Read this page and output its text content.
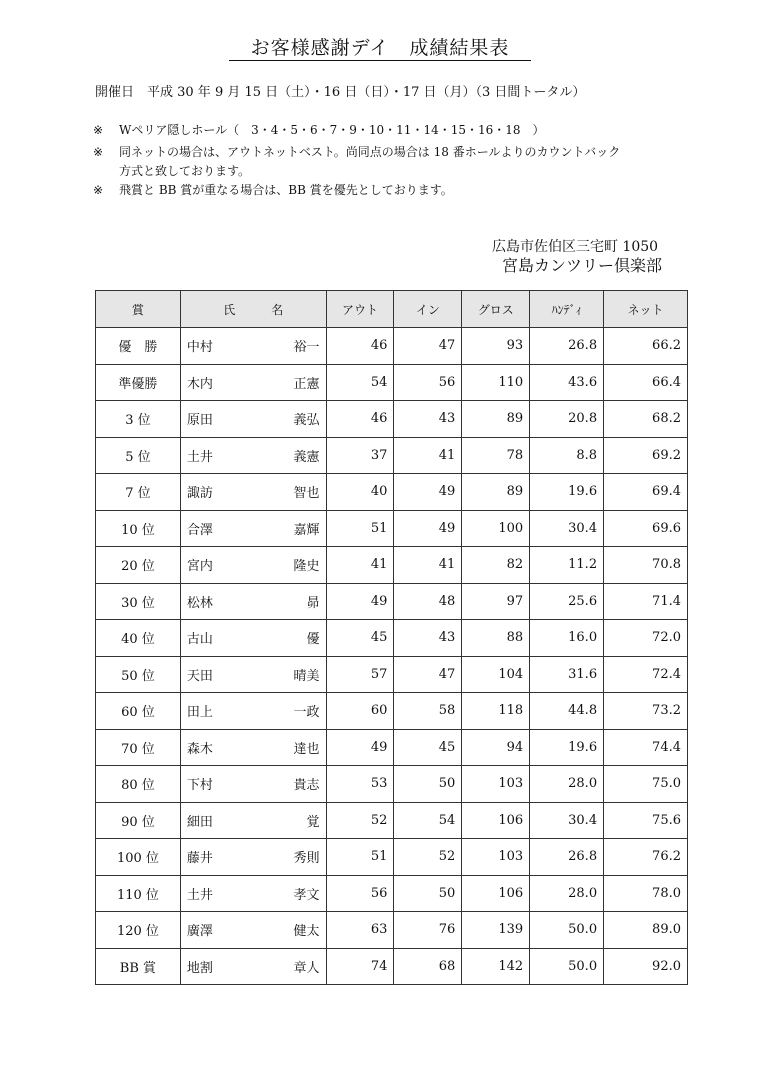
お客様感謝デイ　成績結果表
開催日　平成 30 年 9 月 15 日（土）・16 日（日）・17 日（月）（3 日間トータル）
※ Wペリア隠しホール（　3・4・5・6・7・9・10・11・14・15・16・18　）
※ 同ネットの場合は、アウトネットベスト。尚同点の場合は 18 番ホールよりのカウントバック
方式と致しております。
※ 飛賞と BB 賞が重なる場合は、BB 賞を優先としております。
広島市佐伯区三宅町 1050
宮島カンツリー倶楽部
賞	氏　　　名	アウト	イン	グロス	ﾊﾝﾃﾞｨ	ネット
優　勝	中村 裕一	46	47	93	26.8	66.2
準優勝	木内 正憲	54	56	110	43.6	66.4
3 位	原田 義弘	46	43	89	20.8	68.2
5 位	土井 義憲	37	41	78	8.8	69.2
7 位	諏訪 智也	40	49	89	19.6	69.4
10 位	合澤 嘉輝	51	49	100	30.4	69.6
20 位	宮内 隆史	41	41	82	11.2	70.8
30 位	松林 昴	49	48	97	25.6	71.4
40 位	古山 優	45	43	88	16.0	72.0
50 位	天田 晴美	57	47	104	31.6	72.4
60 位	田上 一政	60	58	118	44.8	73.2
70 位	森木 達也	49	45	94	19.6	74.4
80 位	下村 貴志	53	50	103	28.0	75.0
90 位	細田 覚	52	54	106	30.4	75.6
100 位	藤井 秀則	51	52	103	26.8	76.2
110 位	土井 孝文	56	50	106	28.0	78.0
120 位	廣澤 健太	63	76	139	50.0	89.0
BB 賞	地割 章人	74	68	142	50.0	92.0
